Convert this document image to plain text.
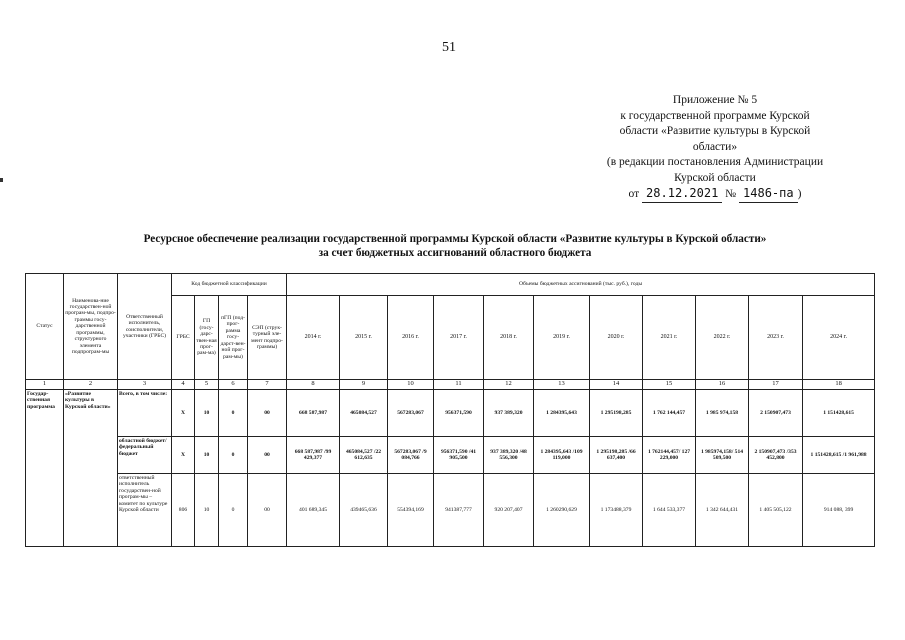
51
Приложение № 5
к государственной программе Курской
области «Развитие культуры в Курской
области»
(в редакции постановления Администрации
Курской области
от 28.12.2021 № 1486-па )
Ресурсное обеспечение реализации государственной программы Курской области «Развитие культуры в Курской области»
за счет бюджетных ассигнований областного бюджета
Статус	Наименова-ние государствен-ной програм-мы, подпро-граммы госу-дарственной программы, структурного элемента подпрограм-мы	Ответственный исполнитель, соисполнители, участники (ГРБС)	Код бюджетной классификации				Объемы бюджетных ассигнований (тыс. руб.), годы										
			ГРБС	ГП (госу-дарс-твен-ная прог-рам-ма)	пГП (под-прог-рамма госу-дарст-вен-ной прог-рам-мы)	СЭП (струк-турный эле-мент подпро-граммы)	2014 г.	2015 г.	2016 г.	2017 г.	2018 г.	2019 г.	2020 г.	2021 г.	2022 г.	2023 г.	2024 г.
1	2	3	4	5	6	7	8	9	10	11	12	13	14	15	16	17	18
Государ-ственная программа	«Развитие культуры в Курской области»	Всего, в том числе:	X	10	0	00	668 587,987	465084,527	567283,067	956371,590	937 389,320	1 284395,643	1 295198,285	1 762 144,457	1 985 974,158	2 150907,473	1 151428,615
		областной бюджет/ федеральный бюджет	X	10	0	00	668 587,987 /99 429,377	465084,527 /22 612,635	567283,067 /9 084,766	956371,590 /41 905,500	937 389,320 /48 556,300	1 284395,643 /109 119,000	1 295198,285 /66 637,400	1 762144,457/ 127 229,000	1 985974,158/ 514 509,500	2 150907,473 /353 452,800	1 151428,615 /1 961,988
		ответственный исполнитель государствен-ной програм-мы – комитет по культуре Курской области	806	10	0	00	401 689,345	439465,636	554394,169	941387,777	920 207,407	1 260290,629	1 173488,379	1 644 533,377	1 342 644,431	1 405 505,122	914 088, 399
